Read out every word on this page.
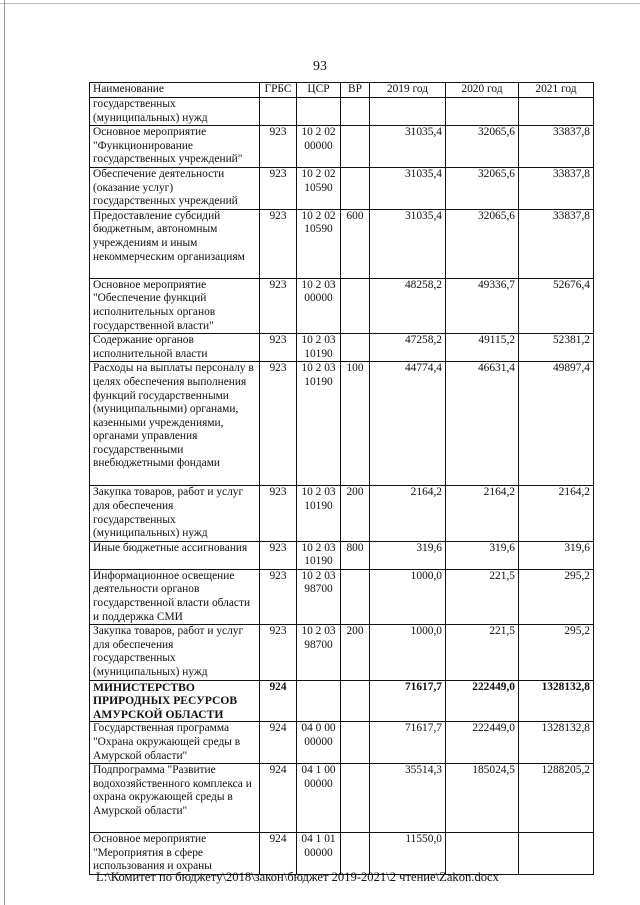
93
Наименование	ГРБС	ЦСР	ВР	2019 год	2020 год	2021 год
государственных (муниципальных) нужд						
Основное мероприятие "Функционирование государственных учреждений"	923	10 2 02 00000		31035,4	32065,6	33837,8
Обеспечение деятельности (оказание услуг) государственных учреждений	923	10 2 02 10590		31035,4	32065,6	33837,8
Предоставление субсидий бюджетным, автономным учреждениям и иным некоммерческим организациям	923	10 2 02 10590	600	31035,4	32065,6	33837,8
Основное мероприятие "Обеспечение функций исполнительных органов государственной власти"	923	10 2 03 00000		48258,2	49336,7	52676,4
Содержание органов исполнительной власти	923	10 2 03 10190		47258,2	49115,2	52381,2
Расходы на выплаты персоналу в целях обеспечения выполнения функций государственными (муниципальными) органами, казенными учреждениями, органами управления государственными внебюджетными фондами	923	10 2 03 10190	100	44774,4	46631,4	49897,4
Закупка товаров, работ и услуг для обеспечения государственных (муниципальных) нужд	923	10 2 03 10190	200	2164,2	2164,2	2164,2
Иные бюджетные ассигнования	923	10 2 03 10190	800	319,6	319,6	319,6
Информационное освещение деятельности органов государственной власти области и поддержка СМИ	923	10 2 03 98700		1000,0	221,5	295,2
Закупка товаров, работ и услуг для обеспечения государственных (муниципальных) нужд	923	10 2 03 98700	200	1000,0	221,5	295,2
МИНИСТЕРСТВО ПРИРОДНЫХ РЕСУРСОВ АМУРСКОЙ ОБЛАСТИ	924			71617,7	222449,0	1328132,8
Государственная программа "Охрана окружающей среды в Амурской области"	924	04 0 00 00000		71617,7	222449,0	1328132,8
Подпрограмма "Развитие водохозяйственного комплекса и охрана окружающей среды в Амурской области"	924	04 1 00 00000		35514,3	185024,5	1288205,2
Основное мероприятие "Мероприятия в сфере использования и охраны	924	04 1 01 00000		11550,0		
L:\Комитет по бюджету\2018\закон\бюджет 2019-2021\2 чтение\Zakon.docx
